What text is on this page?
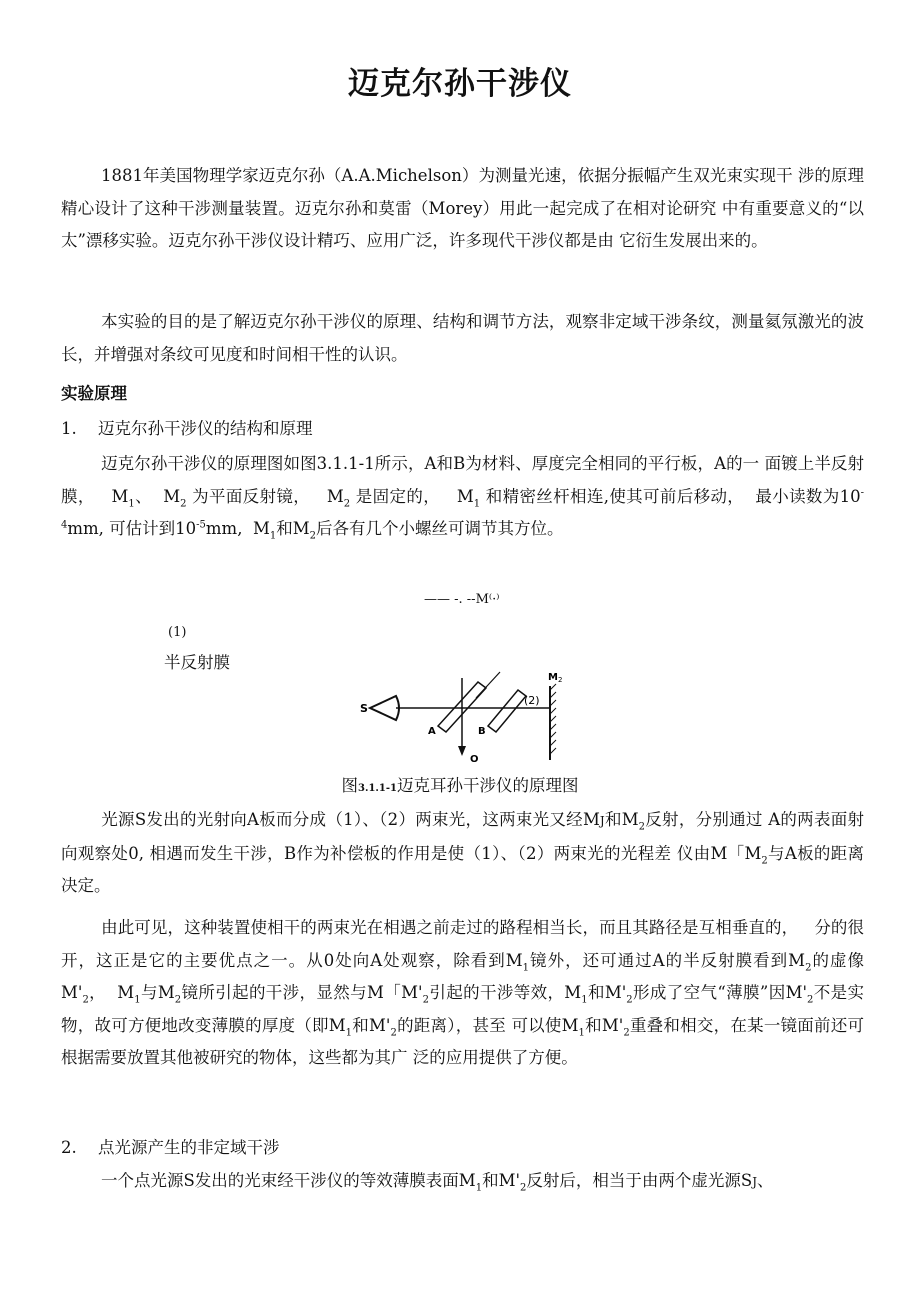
迈克尔孙干涉仪

1881年美国物理学家迈克尔孙（A.A.Michelson）为测量光速，依据分振幅产生双光束实现干 涉的原理精心设计了这种干涉测量装置。迈克尔孙和莫雷（Morey）用此一起完成了在相对论研究 中有重要意义的“以太”漂移实验。迈克尔孙干涉仪设计精巧、应用广泛，许多现代干涉仪都是由 它衍生发展出来的。

本实验的目的是了解迈克尔孙干涉仪的原理、结构和调节方法，观察非定域干涉条纹，测量氦氖激光的波长，并增强对条纹可见度和时间相干性的认识。

实验原理
1. 迈克尔孙干涉仪的结构和原理

迈克尔孙干涉仪的原理图如图3.1.1-1所示，A和B为材料、厚度完全相同的平行板，A的一 面镀上半反射膜， $M_1$、 $M_2$ 为平面反射镜， $M_2$ 是固定的， $M_1$ 和精密丝杆相连,使其可前后移动， 最小读数为$10^{-4}mm$, 可估计到$10^{-5}mm$, $M_1$和$M_2$后各有几个小螺丝可调节其方位。

—— -. --M⁽·⁾
(1)
半反射膜
S
A	B
O
(2)
M 2
图3.1.1-1迈克耳孙干涉仪的原理图

光源S发出的光射向A板而分成（1）、（2）两束光，这两束光又经MJ和$M_2$反射，分别通过 A的两表面射向观察处0, 相遇而发生干涉，B作为补偿板的作用是使（1）、（2）两束光的光程差 仪由M「$M_2$与A板的距离决定。

由此可见，这种装置使相干的两束光在相遇之前走过的路程相当长，而且其路径是互相垂直的， 分的很开，这正是它的主要优点之一。从0处向A处观察，除看到$M_1$镜外，还可通过A的半反射膜看到$M_2$的虚像$M'_2$， $M_1$与$M_2$镜所引起的干涉，显然与M「$M'_2$引起的干涉等效，$M_1$和$M'_2$形成了空气“薄膜”因$M'_2$不是实物，故可方便地改变薄膜的厚度（即$M_1$和$M'_2$的距离），甚至 可以使$M_1$和$M'_2$重叠和相交，在某一镜面前还可根据需要放置其他被研究的物体，这些都为其广 泛的应用提供了方便。

2. 点光源产生的非定域干涉

一个点光源S发出的光束经干涉仪的等效薄膜表面$M_1$和$M'_2$反射后，相当于由两个虚光源SJ、
